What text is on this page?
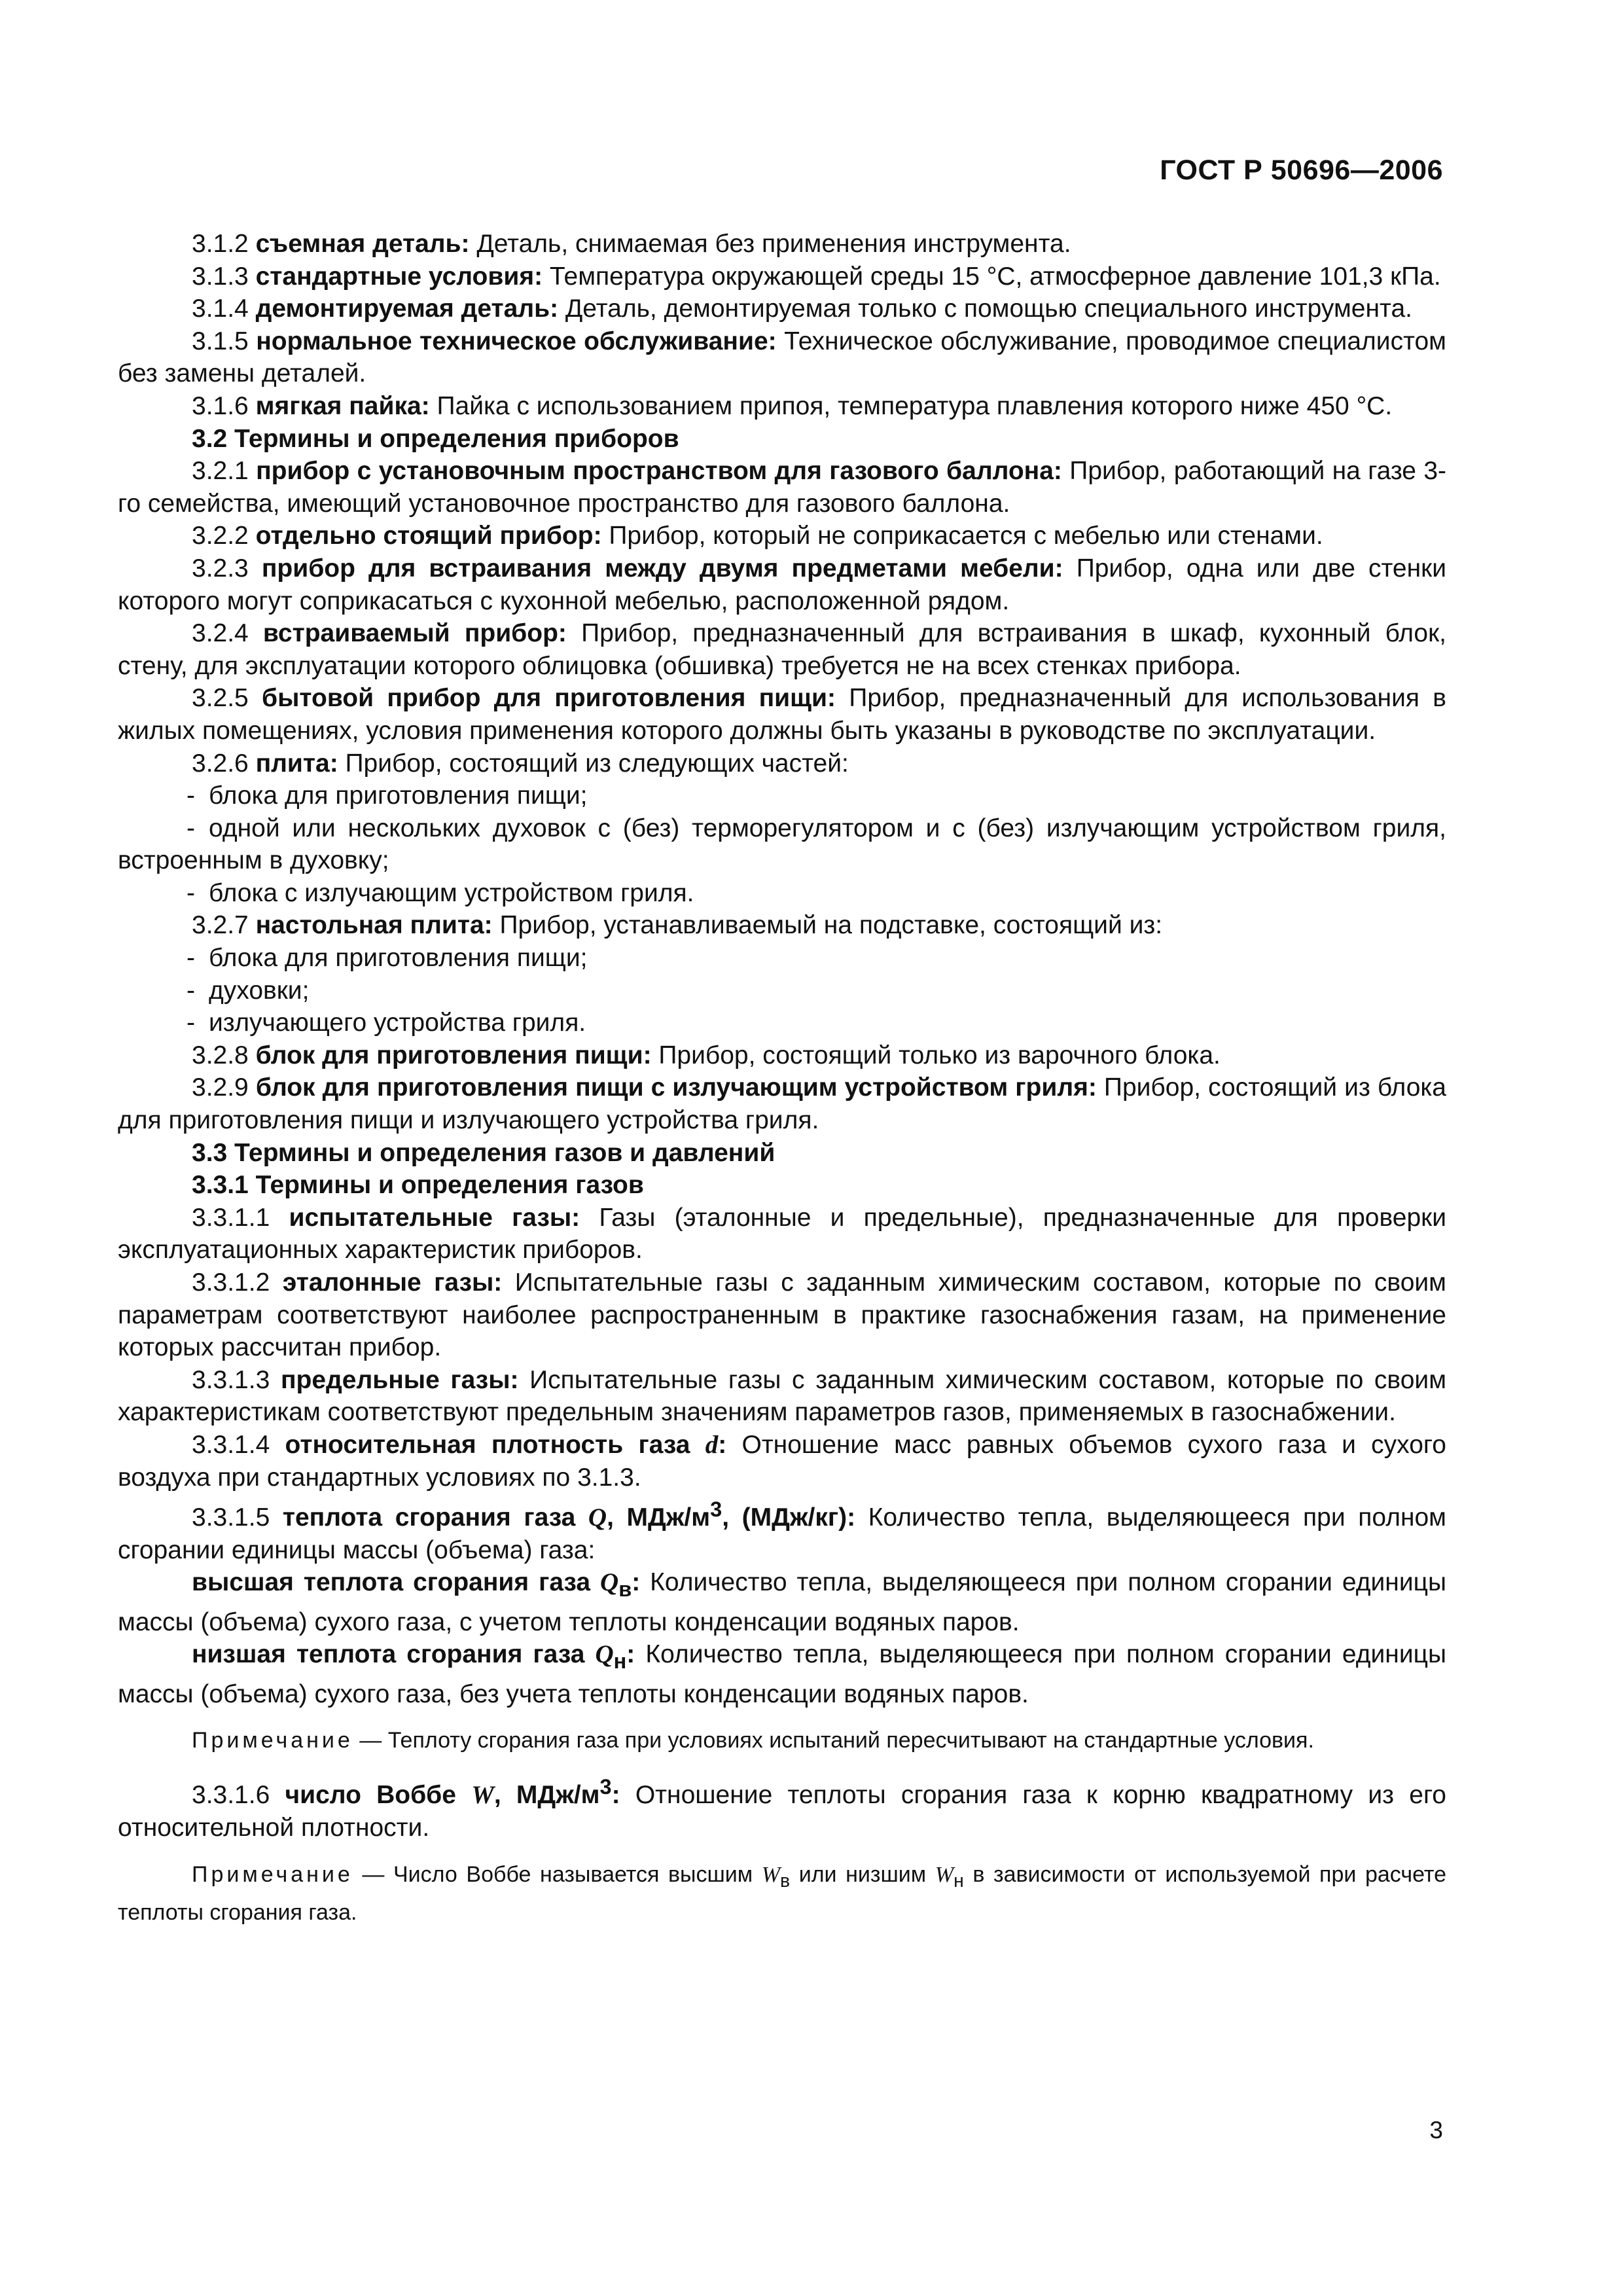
ГОСТ Р 50696—2006

3.1.2 съемная деталь: Деталь, снимаемая без применения инструмента.

3.1.3 стандартные условия: Температура окружающей среды 15 °С, атмосферное давление 101,3 кПа.

3.1.4 демонтируемая деталь: Деталь, демонтируемая только с помощью специального инструмента.

3.1.5 нормальное техническое обслуживание: Техническое обслуживание, проводимое специалистом без замены деталей.

3.1.6 мягкая пайка: Пайка с использованием припоя, температура плавления которого ниже 450 °С.

3.2 Термины и определения приборов

3.2.1 прибор с установочным пространством для газового баллона: Прибор, работающий на газе 3-го семейства, имеющий установочное пространство для газового баллона.

3.2.2 отдельно стоящий прибор: Прибор, который не соприкасается с мебелью или стенами.

3.2.3 прибор для встраивания между двумя предметами мебели: Прибор, одна или две стенки которого могут соприкасаться с кухонной мебелью, расположенной рядом.

3.2.4 встраиваемый прибор: Прибор, предназначенный для встраивания в шкаф, кухонный блок, стену, для эксплуатации которого облицовка (обшивка) требуется не на всех стенках прибора.

3.2.5 бытовой прибор для приготовления пищи: Прибор, предназначенный для использования в жилых помещениях, условия применения которого должны быть указаны в руководстве по эксплуатации.

3.2.6 плита: Прибор, состоящий из следующих частей:

- блока для приготовления пищи;

- одной или нескольких духовок с (без) терморегулятором и с (без) излучающим устройством гриля, встроенным в духовку;

- блока с излучающим устройством гриля.

3.2.7 настольная плита: Прибор, устанавливаемый на подставке, состоящий из:

- блока для приготовления пищи;

- духовки;

- излучающего устройства гриля.

3.2.8 блок для приготовления пищи: Прибор, состоящий только из варочного блока.

3.2.9 блок для приготовления пищи с излучающим устройством гриля: Прибор, состоящий из блока для приготовления пищи и излучающего устройства гриля.

3.3 Термины и определения газов и давлений

3.3.1 Термины и определения газов

3.3.1.1 испытательные газы: Газы (эталонные и предельные), предназначенные для проверки эксплуатационных характеристик приборов.

3.3.1.2 эталонные газы: Испытательные газы с заданным химическим составом, которые по своим параметрам соответствуют наиболее распространенным в практике газоснабжения газам, на применение которых рассчитан прибор.

3.3.1.3 предельные газы: Испытательные газы с заданным химическим составом, которые по своим характеристикам соответствуют предельным значениям параметров газов, применяемых в газоснабжении.

3.3.1.4 относительная плотность газа d: Отношение масс равных объемов сухого газа и сухого воздуха при стандартных условиях по 3.1.3.

3.3.1.5 теплота сгорания газа Q, МДж/$м^3$, (МДж/кг): Количество тепла, выделяющееся при полном сгорании единицы массы (объема) газа:

высшая теплота сгорания газа $Q_в$: Количество тепла, выделяющееся при полном сгорании единицы массы (объема) сухого газа, с учетом теплоты конденсации водяных паров.

низшая теплота сгорания газа $Q_н$: Количество тепла, выделяющееся при полном сгорании единицы массы (объема) сухого газа, без учета теплоты конденсации водяных паров.

Примечание — Теплоту сгорания газа при условиях испытаний пересчитывают на стандартные условия.

3.3.1.6 число Воббе W, МДж/$м^3$: Отношение теплоты сгорания газа к корню квадратному из его относительной плотности.

Примечание — Число Воббе называется высшим $W_в$ или низшим $W_н$ в зависимости от используемой при расчете теплоты сгорания газа.

3
